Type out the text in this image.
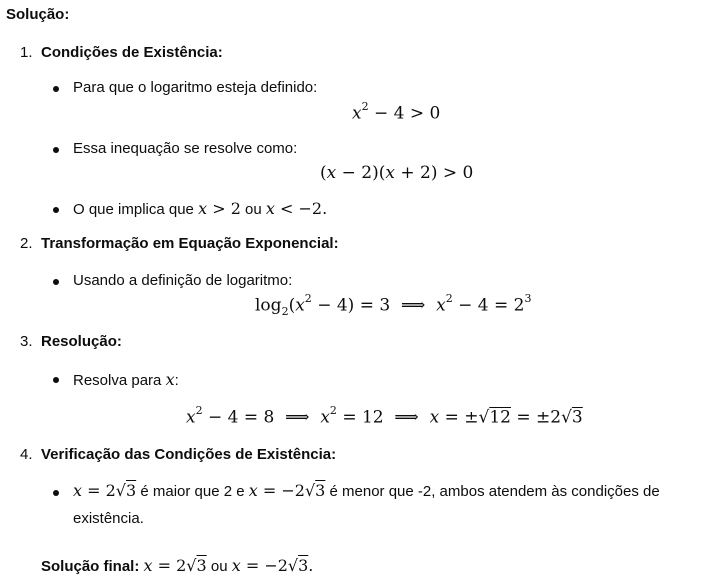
Solução:
1. Condições de Existência:
Para que o logaritmo esteja definido:
$x^2 - 4 > 0$
Essa inequação se resolve como:
(x − 2)(x + 2) > 0
O que implica que x > 2 ou x < −2.
2. Transformação em Equação Exponencial:
Usando a definição de logaritmo:
$\log_2(x^2 - 4) = 3$  ⟹  $x^2 - 4 = 2^3$
3. Resolução:
Resolva para x:
$x^2 - 4 = 8$  ⟹  $x^2 = 12$  ⟹  x = ±√12 = ±2√3
4. Verificação das Condições de Existência:
x = 2√3 é maior que 2 e x = −2√3 é menor que -2, ambos atendem às condições de
existência.
Solução final: x = 2√3 ou x = −2√3.
